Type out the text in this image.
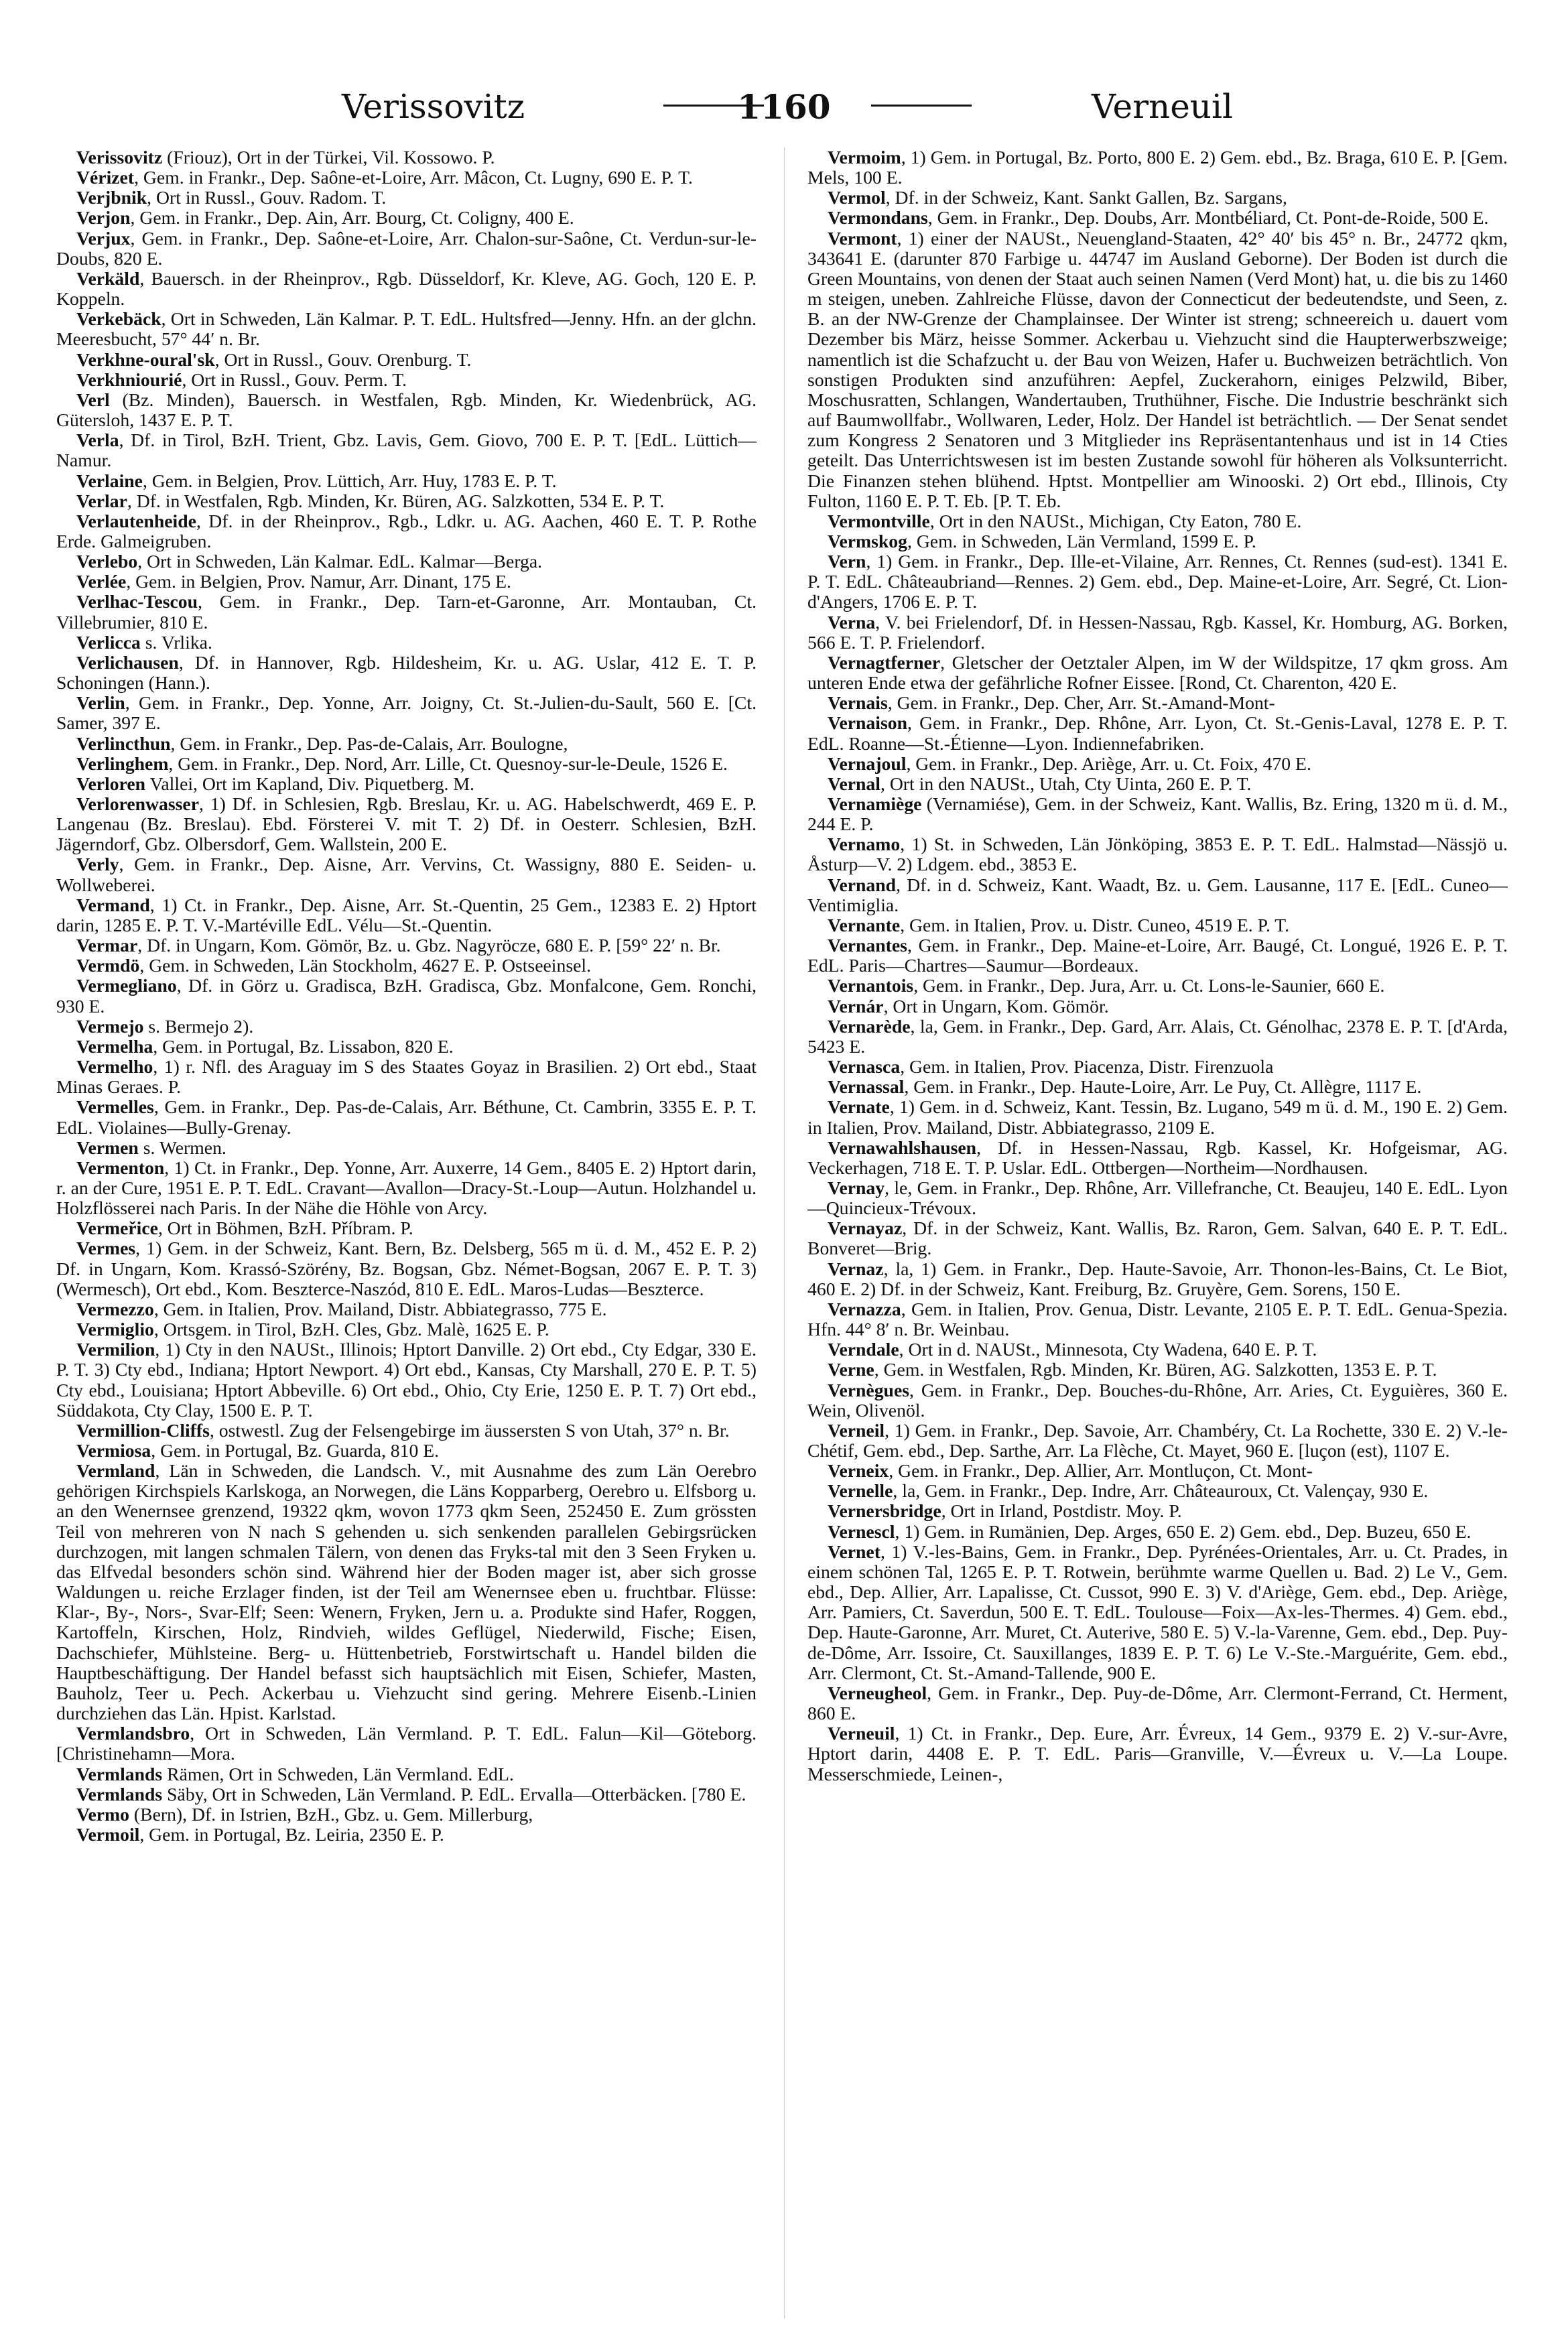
Verissovitz	1160	Verneuil

Verissovitz (Friouz), Ort in der Türkei, Vil. Kossowo. P.

Vérizet, Gem. in Frankr., Dep. Saône-et-Loire, Arr. Mâcon, Ct. Lugny, 690 E. P. T.

Verjbnik, Ort in Russl., Gouv. Radom. T.

Verjon, Gem. in Frankr., Dep. Ain, Arr. Bourg, Ct. Coligny, 400 E.

Verjux, Gem. in Frankr., Dep. Saône-et-Loire, Arr. Chalon-sur-Saône, Ct. Verdun-sur-le-Doubs, 820 E.

Verkäld, Bauersch. in der Rheinprov., Rgb. Düsseldorf, Kr. Kleve, AG. Goch, 120 E. P. Koppeln.

Verkebäck, Ort in Schweden, Län Kalmar. P. T. EdL. Hultsfred—Jenny. Hfn. an der glchn. Meeresbucht, 57° 44′ n. Br.

Verkhne-oural'sk, Ort in Russl., Gouv. Orenburg. T.

Verkhniourié, Ort in Russl., Gouv. Perm. T.

Verl (Bz. Minden), Bauersch. in Westfalen, Rgb. Minden, Kr. Wiedenbrück, AG. Gütersloh, 1437 E. P. T.

Verla, Df. in Tirol, BzH. Trient, Gbz. Lavis, Gem. Giovo, 700 E. P. T. [EdL. Lüttich—Namur.

Verlaine, Gem. in Belgien, Prov. Lüttich, Arr. Huy, 1783 E. P. T.

Verlar, Df. in Westfalen, Rgb. Minden, Kr. Büren, AG. Salzkotten, 534 E. P. T.

Verlautenheide, Df. in der Rheinprov., Rgb., Ldkr. u. AG. Aachen, 460 E. T. P. Rothe Erde. Galmeigruben.

Verlebo, Ort in Schweden, Län Kalmar. EdL. Kalmar—Berga.

Verlée, Gem. in Belgien, Prov. Namur, Arr. Dinant, 175 E.

Verlhac-Tescou, Gem. in Frankr., Dep. Tarn-et-Garonne, Arr. Montauban, Ct. Villebrumier, 810 E.

Verlicca s. Vrlika.

Verlichausen, Df. in Hannover, Rgb. Hildesheim, Kr. u. AG. Uslar, 412 E. T. P. Schoningen (Hann.).

Verlin, Gem. in Frankr., Dep. Yonne, Arr. Joigny, Ct. St.-Julien-du-Sault, 560 E. [Ct. Samer, 397 E.

Verlincthun, Gem. in Frankr., Dep. Pas-de-Calais, Arr. Boulogne,

Verlinghem, Gem. in Frankr., Dep. Nord, Arr. Lille, Ct. Quesnoy-sur-le-Deule, 1526 E.

Verloren Vallei, Ort im Kapland, Div. Piquetberg. M.

Verlorenwasser, 1) Df. in Schlesien, Rgb. Breslau, Kr. u. AG. Habelschwerdt, 469 E. P. Langenau (Bz. Breslau). Ebd. Försterei V. mit T. 2) Df. in Oesterr. Schlesien, BzH. Jägerndorf, Gbz. Olbersdorf, Gem. Wallstein, 200 E.

Verly, Gem. in Frankr., Dep. Aisne, Arr. Vervins, Ct. Wassigny, 880 E. Seiden- u. Wollweberei.

Vermand, 1) Ct. in Frankr., Dep. Aisne, Arr. St.-Quentin, 25 Gem., 12383 E. 2) Hptort darin, 1285 E. P. T. V.-Martéville EdL. Vélu—St.-Quentin.

Vermar, Df. in Ungarn, Kom. Gömör, Bz. u. Gbz. Nagyröcze, 680 E. P. [59° 22′ n. Br.

Vermdö, Gem. in Schweden, Län Stockholm, 4627 E. P. Ostseeinsel.

Vermegliano, Df. in Görz u. Gradisca, BzH. Gradisca, Gbz. Monfalcone, Gem. Ronchi, 930 E.

Vermejo s. Bermejo 2).

Vermelha, Gem. in Portugal, Bz. Lissabon, 820 E.

Vermelho, 1) r. Nfl. des Araguay im S des Staates Goyaz in Brasilien. 2) Ort ebd., Staat Minas Geraes. P.

Vermelles, Gem. in Frankr., Dep. Pas-de-Calais, Arr. Béthune, Ct. Cambrin, 3355 E. P. T. EdL. Violaines—Bully-Grenay.

Vermen s. Wermen.

Vermenton, 1) Ct. in Frankr., Dep. Yonne, Arr. Auxerre, 14 Gem., 8405 E. 2) Hptort darin, r. an der Cure, 1951 E. P. T. EdL. Cravant—Avallon—Dracy-St.-Loup—Autun. Holzhandel u. Holzflösserei nach Paris. In der Nähe die Höhle von Arcy.

Vermeřice, Ort in Böhmen, BzH. Příbram. P.

Vermes, 1) Gem. in der Schweiz, Kant. Bern, Bz. Delsberg, 565 m ü. d. M., 452 E. P. 2) Df. in Ungarn, Kom. Krassó-Szörény, Bz. Bogsan, Gbz. Német-Bogsan, 2067 E. P. T. 3) (Wermesch), Ort ebd., Kom. Beszterce-Naszód, 810 E. EdL. Maros-Ludas—Beszterce.

Vermezzo, Gem. in Italien, Prov. Mailand, Distr. Abbiategrasso, 775 E.

Vermiglio, Ortsgem. in Tirol, BzH. Cles, Gbz. Malè, 1625 E. P.

Vermilion, 1) Cty in den NAUSt., Illinois; Hptort Danville. 2) Ort ebd., Cty Edgar, 330 E. P. T. 3) Cty ebd., Indiana; Hptort Newport. 4) Ort ebd., Kansas, Cty Marshall, 270 E. P. T. 5) Cty ebd., Louisiana; Hptort Abbeville. 6) Ort ebd., Ohio, Cty Erie, 1250 E. P. T. 7) Ort ebd., Süddakota, Cty Clay, 1500 E. P. T.

Vermillion-Cliffs, ostwestl. Zug der Felsengebirge im äussersten S von Utah, 37° n. Br.

Vermiosa, Gem. in Portugal, Bz. Guarda, 810 E.

Vermland, Län in Schweden, die Landsch. V., mit Ausnahme des zum Län Oerebro gehörigen Kirchspiels Karlskoga, an Norwegen, die Läns Kopparberg, Oerebro u. Elfsborg u. an den Wenernsee grenzend, 19322 qkm, wovon 1773 qkm Seen, 252450 E. Zum grössten Teil von mehreren von N nach S gehenden u. sich senkenden parallelen Gebirgsrücken durchzogen, mit langen schmalen Tälern, von denen das Fryks-tal mit den 3 Seen Fryken u. das Elfvedal besonders schön sind. Während hier der Boden mager ist, aber sich grosse Waldungen u. reiche Erzlager finden, ist der Teil am Wenernsee eben u. fruchtbar. Flüsse: Klar-, By-, Nors-, Svar-Elf; Seen: Wenern, Fryken, Jern u. a. Produkte sind Hafer, Roggen, Kartoffeln, Kirschen, Holz, Rindvieh, wildes Geflügel, Niederwild, Fische; Eisen, Dachschiefer, Mühlsteine. Berg- u. Hüttenbetrieb, Forstwirtschaft u. Handel bilden die Hauptbeschäftigung. Der Handel befasst sich hauptsächlich mit Eisen, Schiefer, Masten, Bauholz, Teer u. Pech. Ackerbau u. Viehzucht sind gering. Mehrere Eisenb.-Linien durchziehen das Län. Hpist. Karlstad.

Vermlandsbro, Ort in Schweden, Län Vermland. P. T. EdL. Falun—Kil—Göteborg. [Christinehamn—Mora.

Vermlands Rämen, Ort in Schweden, Län Vermland. EdL.

Vermlands Säby, Ort in Schweden, Län Vermland. P. EdL. Ervalla—Otterbäcken. [780 E.

Vermo (Bern), Df. in Istrien, BzH., Gbz. u. Gem. Millerburg,

Vermoil, Gem. in Portugal, Bz. Leiria, 2350 E. P.

Vermoim, 1) Gem. in Portugal, Bz. Porto, 800 E. 2) Gem. ebd., Bz. Braga, 610 E. P. [Gem. Mels, 100 E.

Vermol, Df. in der Schweiz, Kant. Sankt Gallen, Bz. Sargans,

Vermondans, Gem. in Frankr., Dep. Doubs, Arr. Montbéliard, Ct. Pont-de-Roide, 500 E.

Vermont, 1) einer der NAUSt., Neuengland-Staaten, 42° 40′ bis 45° n. Br., 24772 qkm, 343641 E. (darunter 870 Farbige u. 44747 im Ausland Geborne). Der Boden ist durch die Green Mountains, von denen der Staat auch seinen Namen (Verd Mont) hat, u. die bis zu 1460 m steigen, uneben. Zahlreiche Flüsse, davon der Connecticut der bedeutendste, und Seen, z. B. an der NW-Grenze der Champlainsee. Der Winter ist streng; schneereich u. dauert vom Dezember bis März, heisse Sommer. Ackerbau u. Viehzucht sind die Haupterwerbszweige; namentlich ist die Schafzucht u. der Bau von Weizen, Hafer u. Buchweizen beträchtlich. Von sonstigen Produkten sind anzuführen: Aepfel, Zuckerahorn, einiges Pelzwild, Biber, Moschusratten, Schlangen, Wandertauben, Truthühner, Fische. Die Industrie beschränkt sich auf Baumwollfabr., Wollwaren, Leder, Holz. Der Handel ist beträchtlich. — Der Senat sendet zum Kongress 2 Senatoren und 3 Mitglieder ins Repräsentantenhaus und ist in 14 Cties geteilt. Das Unterrichtswesen ist im besten Zustande sowohl für höheren als Volksunterricht. Die Finanzen stehen blühend. Hptst. Montpellier am Winooski. 2) Ort ebd., Illinois, Cty Fulton, 1160 E. P. T. Eb. [P. T. Eb.

Vermontville, Ort in den NAUSt., Michigan, Cty Eaton, 780 E.

Vermskog, Gem. in Schweden, Län Vermland, 1599 E. P.

Vern, 1) Gem. in Frankr., Dep. Ille-et-Vilaine, Arr. Rennes, Ct. Rennes (sud-est). 1341 E. P. T. EdL. Châteaubriand—Rennes. 2) Gem. ebd., Dep. Maine-et-Loire, Arr. Segré, Ct. Lion-d'Angers, 1706 E. P. T.

Verna, V. bei Frielendorf, Df. in Hessen-Nassau, Rgb. Kassel, Kr. Homburg, AG. Borken, 566 E. T. P. Frielendorf.

Vernagtferner, Gletscher der Oetztaler Alpen, im W der Wildspitze, 17 qkm gross. Am unteren Ende etwa der gefährliche Rofner Eissee. [Rond, Ct. Charenton, 420 E.

Vernais, Gem. in Frankr., Dep. Cher, Arr. St.-Amand-Mont-

Vernaison, Gem. in Frankr., Dep. Rhône, Arr. Lyon, Ct. St.-Genis-Laval, 1278 E. P. T. EdL. Roanne—St.-Étienne—Lyon. Indiennefabriken.

Vernajoul, Gem. in Frankr., Dep. Ariège, Arr. u. Ct. Foix, 470 E.

Vernal, Ort in den NAUSt., Utah, Cty Uinta, 260 E. P. T.

Vernamiège (Vernamiése), Gem. in der Schweiz, Kant. Wallis, Bz. Ering, 1320 m ü. d. M., 244 E. P.

Vernamo, 1) St. in Schweden, Län Jönköping, 3853 E. P. T. EdL. Halmstad—Nässjö u. Åsturp—V. 2) Ldgem. ebd., 3853 E.

Vernand, Df. in d. Schweiz, Kant. Waadt, Bz. u. Gem. Lausanne, 117 E. [EdL. Cuneo—Ventimiglia.

Vernante, Gem. in Italien, Prov. u. Distr. Cuneo, 4519 E. P. T.

Vernantes, Gem. in Frankr., Dep. Maine-et-Loire, Arr. Baugé, Ct. Longué, 1926 E. P. T. EdL. Paris—Chartres—Saumur—Bordeaux.

Vernantois, Gem. in Frankr., Dep. Jura, Arr. u. Ct. Lons-le-Saunier, 660 E.

Vernár, Ort in Ungarn, Kom. Gömör.

Vernarède, la, Gem. in Frankr., Dep. Gard, Arr. Alais, Ct. Génolhac, 2378 E. P. T. [d'Arda, 5423 E.

Vernasca, Gem. in Italien, Prov. Piacenza, Distr. Firenzuola

Vernassal, Gem. in Frankr., Dep. Haute-Loire, Arr. Le Puy, Ct. Allègre, 1117 E.

Vernate, 1) Gem. in d. Schweiz, Kant. Tessin, Bz. Lugano, 549 m ü. d. M., 190 E. 2) Gem. in Italien, Prov. Mailand, Distr. Abbiategrasso, 2109 E.

Vernawahlshausen, Df. in Hessen-Nassau, Rgb. Kassel, Kr. Hofgeismar, AG. Veckerhagen, 718 E. T. P. Uslar. EdL. Ottbergen—Northeim—Nordhausen.

Vernay, le, Gem. in Frankr., Dep. Rhône, Arr. Villefranche, Ct. Beaujeu, 140 E. EdL. Lyon—Quincieux-Trévoux.

Vernayaz, Df. in der Schweiz, Kant. Wallis, Bz. Raron, Gem. Salvan, 640 E. P. T. EdL. Bonveret—Brig.

Vernaz, la, 1) Gem. in Frankr., Dep. Haute-Savoie, Arr. Thonon-les-Bains, Ct. Le Biot, 460 E. 2) Df. in der Schweiz, Kant. Freiburg, Bz. Gruyère, Gem. Sorens, 150 E.

Vernazza, Gem. in Italien, Prov. Genua, Distr. Levante, 2105 E. P. T. EdL. Genua-Spezia. Hfn. 44° 8′ n. Br. Weinbau.

Verndale, Ort in d. NAUSt., Minnesota, Cty Wadena, 640 E. P. T.

Verne, Gem. in Westfalen, Rgb. Minden, Kr. Büren, AG. Salzkotten, 1353 E. P. T.

Vernègues, Gem. in Frankr., Dep. Bouches-du-Rhône, Arr. Aries, Ct. Eyguières, 360 E. Wein, Olivenöl.

Verneil, 1) Gem. in Frankr., Dep. Savoie, Arr. Chambéry, Ct. La Rochette, 330 E. 2) V.-le-Chétif, Gem. ebd., Dep. Sarthe, Arr. La Flèche, Ct. Mayet, 960 E. [luçon (est), 1107 E.

Verneix, Gem. in Frankr., Dep. Allier, Arr. Montluçon, Ct. Mont-

Vernelle, la, Gem. in Frankr., Dep. Indre, Arr. Châteauroux, Ct. Valençay, 930 E.

Vernersbridge, Ort in Irland, Postdistr. Moy. P.

Vernescl, 1) Gem. in Rumänien, Dep. Arges, 650 E. 2) Gem. ebd., Dep. Buzeu, 650 E.

Vernet, 1) V.-les-Bains, Gem. in Frankr., Dep. Pyrénées-Orientales, Arr. u. Ct. Prades, in einem schönen Tal, 1265 E. P. T. Rotwein, berühmte warme Quellen u. Bad. 2) Le V., Gem. ebd., Dep. Allier, Arr. Lapalisse, Ct. Cussot, 990 E. 3) V. d'Ariège, Gem. ebd., Dep. Ariège, Arr. Pamiers, Ct. Saverdun, 500 E. T. EdL. Toulouse—Foix—Ax-les-Thermes. 4) Gem. ebd., Dep. Haute-Garonne, Arr. Muret, Ct. Auterive, 580 E. 5) V.-la-Varenne, Gem. ebd., Dep. Puy-de-Dôme, Arr. Issoire, Ct. Sauxillanges, 1839 E. P. T. 6) Le V.-Ste.-Marguérite, Gem. ebd., Arr. Clermont, Ct. St.-Amand-Tallende, 900 E.

Verneugheol, Gem. in Frankr., Dep. Puy-de-Dôme, Arr. Clermont-Ferrand, Ct. Herment, 860 E.

Verneuil, 1) Ct. in Frankr., Dep. Eure, Arr. Évreux, 14 Gem., 9379 E. 2) V.-sur-Avre, Hptort darin, 4408 E. P. T. EdL. Paris—Granville, V.—Évreux u. V.—La Loupe. Messerschmiede, Leinen-,
